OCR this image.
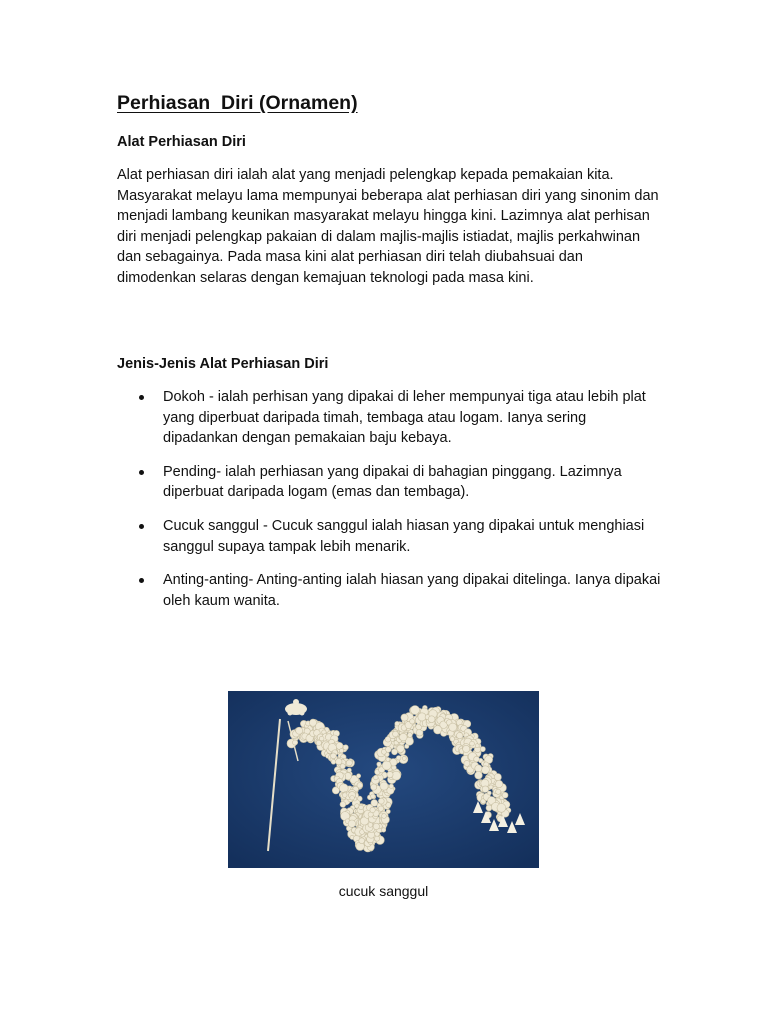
Perhiasan  Diri (Ornamen)
Alat Perhiasan Diri

Alat perhiasan diri ialah alat yang menjadi pelengkap kepada pemakaian kita. Masyarakat melayu lama mempunyai beberapa alat perhiasan diri yang sinonim dan menjadi lambang keunikan masyarakat melayu hingga kini. Lazimnya alat perhisan diri menjadi pelengkap pakaian di dalam majlis-majlis istiadat, majlis perkahwinan dan sebagainya. Pada masa kini alat perhiasan diri telah diubahsuai dan dimodenkan selaras dengan kemajuan teknologi pada masa kini.

Jenis-Jenis Alat Perhiasan Diri
Dokoh - ialah perhisan yang dipakai di leher mempunyai tiga atau lebih plat yang diperbuat daripada timah, tembaga atau logam. Ianya sering dipadankan dengan pemakaian baju kebaya.
Pending- ialah perhiasan yang dipakai di bahagian pinggang. Lazimnya diperbuat daripada logam (emas dan tembaga).
Cucuk sanggul - Cucuk sanggul ialah hiasan yang dipakai untuk menghiasi sanggul supaya tampak lebih menarik.
Anting-anting- Anting-anting ialah hiasan yang dipakai ditelinga. Ianya dipakai oleh kaum wanita.

cucuk sanggul
